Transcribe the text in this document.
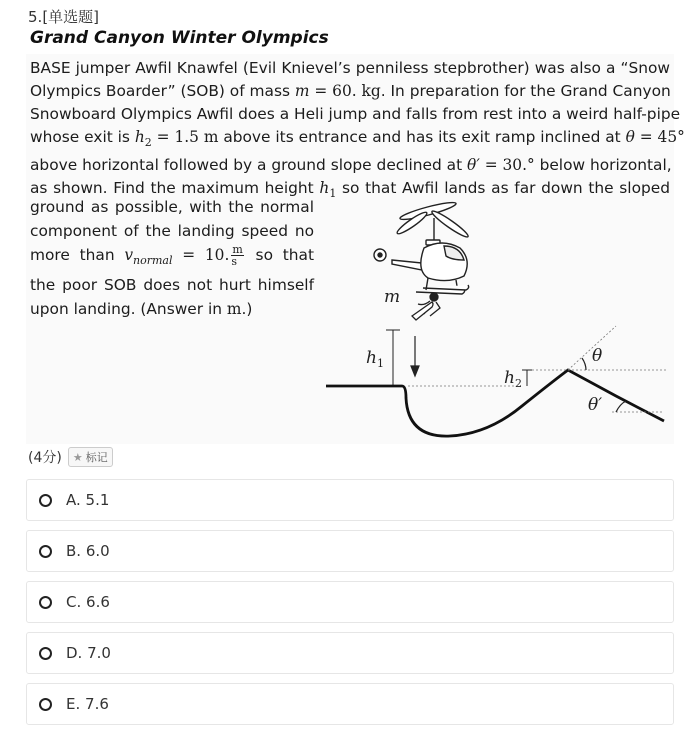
5.[单选题]
Grand Canyon Winter Olympics
BASE jumper Awfil Knawfel (Evil Knievel’s penniless stepbrother) was also a “Snow
Olympics Boarder” (SOB) of mass m = 60. kg. In preparation for the Grand Canyon
Snowboard Olympics Awfil does a Heli jump and falls from rest into a weird half-pipe
whose exit is $h_2 = 1.5$ m above its entrance and has its exit ramp inclined at θ = 45°
above horizontal followed by a ground slope declined at θ′ = 30.° below horizontal,
as shown. Find the maximum height $h_1$ so that Awfil lands as far down the sloped
ground as possible, with the normal
component of the landing speed no
more than $v_{normal} = 10$. $\frac{m}{s}$ so that
the poor SOB does not hurt himself
upon landing. (Answer in m.)
m
$h_1$
$h_2$
θ
θ′
(4分) ★ 标记
A. 5.1
B. 6.0
C. 6.6
D. 7.0
E. 7.6
